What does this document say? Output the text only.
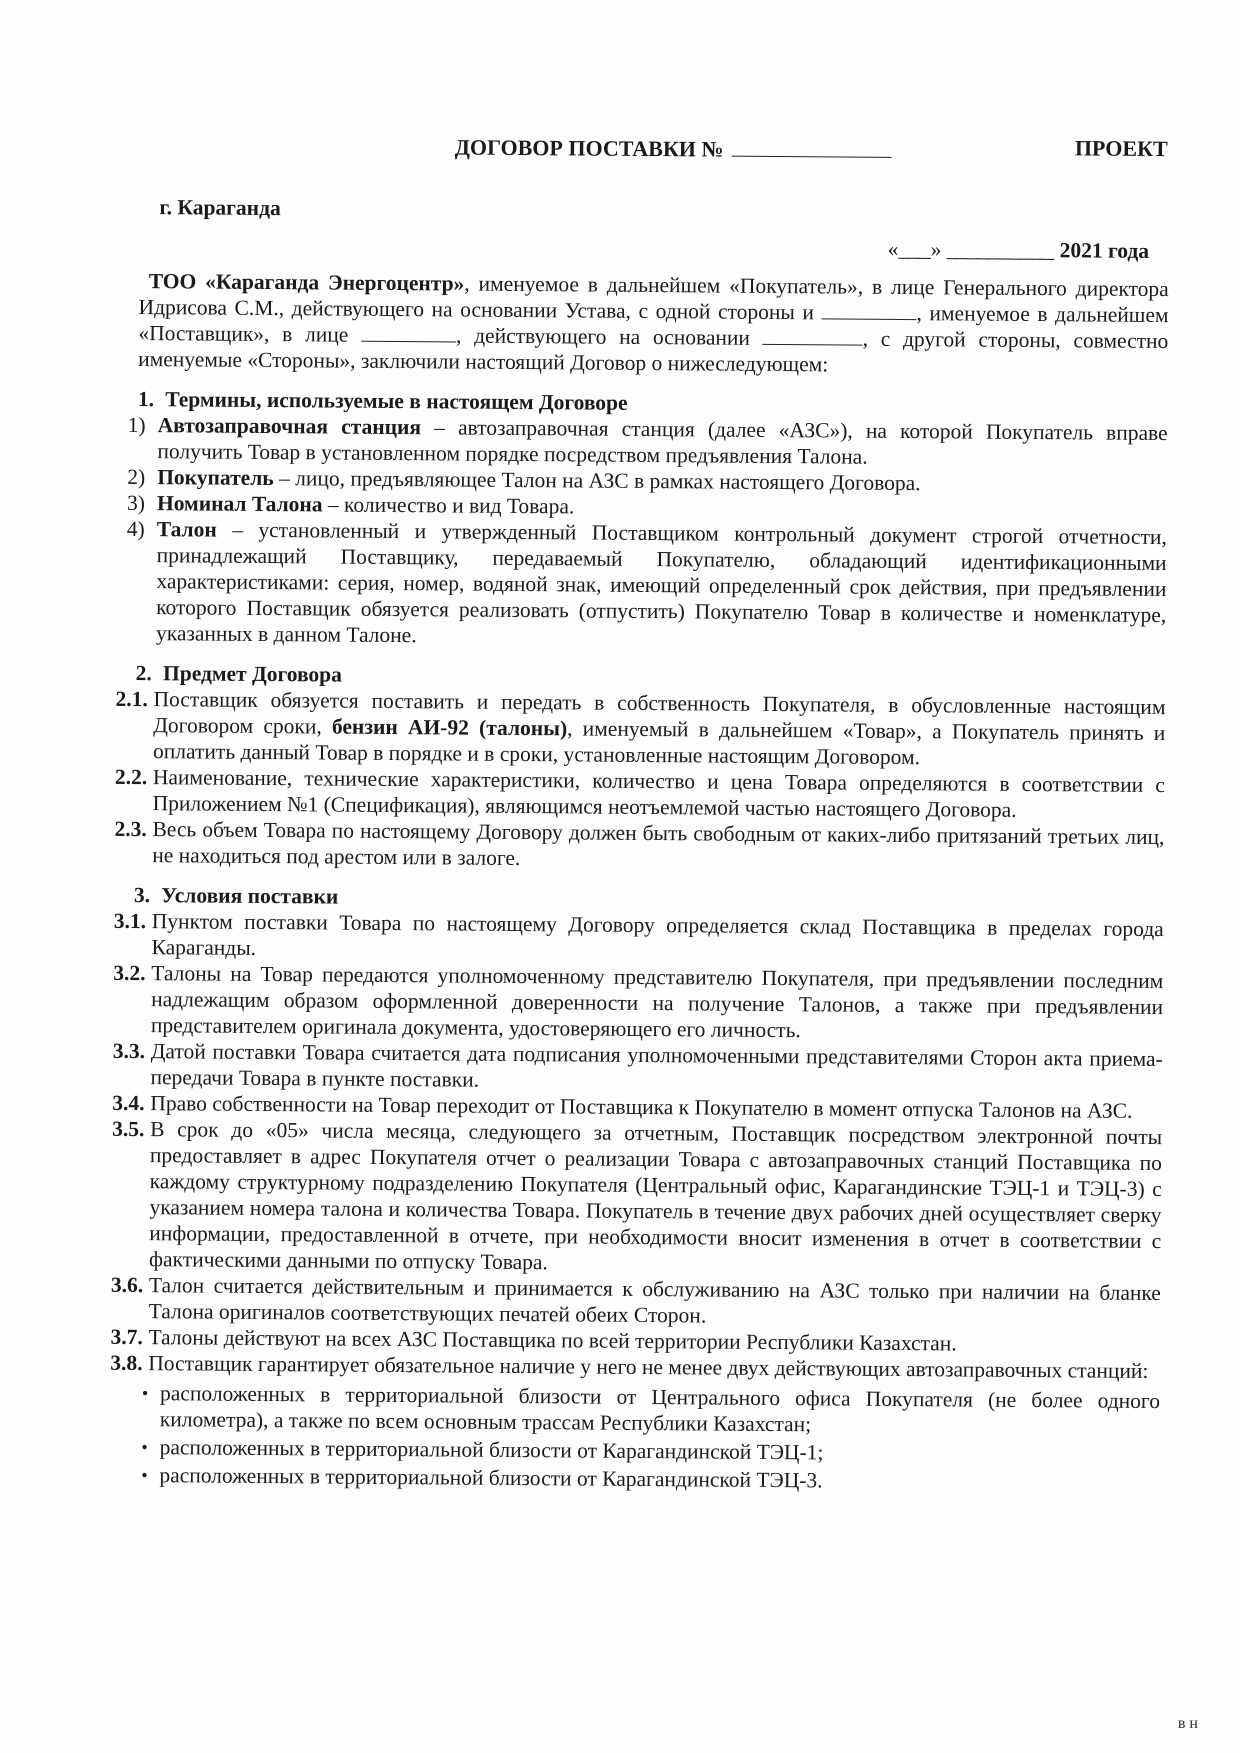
ДОГОВОР ПОСТАВКИ №	ПРОЕКТ
г. Караганда
«___» __________ 2021 года
ТОО «Караганда Энергоцентр», именуемое в дальнейшем «Покупатель», в лице Генерального директора Идрисова С.М., действующего на основании Устава, с одной стороны и	, именуемое в дальнейшем «Поставщик», в лице	, действующего на основании	, с другой стороны, совместно именуемые «Стороны», заключили настоящий Договор о нижеследующем:
1. Термины, используемые в настоящем Договоре
1) Автозаправочная станция – автозаправочная станция (далее «АЗС»), на которой Покупатель вправе получить Товар в установленном порядке посредством предъявления Талона.
2) Покупатель – лицо, предъявляющее Талон на АЗС в рамках настоящего Договора.
3) Номинал Талона – количество и вид Товара.
4) Талон – установленный и утвержденный Поставщиком контрольный документ строгой отчетности, принадлежащий Поставщику, передаваемый Покупателю, обладающий идентификационными характеристиками: серия, номер, водяной знак, имеющий определенный срок действия, при предъявлении которого Поставщик обязуется реализовать (отпустить) Покупателю Товар в количестве и номенклатуре, указанных в данном Талоне.
2. Предмет Договора
2.1. Поставщик обязуется поставить и передать в собственность Покупателя, в обусловленные настоящим Договором сроки, бензин АИ-92 (талоны), именуемый в дальнейшем «Товар», а Покупатель принять и оплатить данный Товар в порядке и в сроки, установленные настоящим Договором.
2.2. Наименование, технические характеристики, количество и цена Товара определяются в соответствии с Приложением №1 (Спецификация), являющимся неотъемлемой частью настоящего Договора.
2.3. Весь объем Товара по настоящему Договору должен быть свободным от каких-либо притязаний третьих лиц, не находиться под арестом или в залоге.
3. Условия поставки
3.1. Пунктом поставки Товара по настоящему Договору определяется склад Поставщика в пределах города Караганды.
3.2. Талоны на Товар передаются уполномоченному представителю Покупателя, при предъявлении последним надлежащим образом оформленной доверенности на получение Талонов, а также при предъявлении представителем оригинала документа, удостоверяющего его личность.
3.3. Датой поставки Товара считается дата подписания уполномоченными представителями Сторон акта приема-передачи Товара в пункте поставки.
3.4. Право собственности на Товар переходит от Поставщика к Покупателю в момент отпуска Талонов на АЗС.
3.5. В срок до «05» числа месяца, следующего за отчетным, Поставщик посредством электронной почты предоставляет в адрес Покупателя отчет о реализации Товара с автозаправочных станций Поставщика по каждому структурному подразделению Покупателя (Центральный офис, Карагандинские ТЭЦ-1 и ТЭЦ-3) с указанием номера талона и количества Товара. Покупатель в течение двух рабочих дней осуществляет сверку информации, предоставленной в отчете, при необходимости вносит изменения в отчет в соответствии с фактическими данными по отпуску Товара.
3.6. Талон считается действительным и принимается к обслуживанию на АЗС только при наличии на бланке Талона оригиналов соответствующих печатей обеих Сторон.
3.7. Талоны действуют на всех АЗС Поставщика по всей территории Республики Казахстан.
3.8. Поставщик гарантирует обязательное наличие у него не менее двух действующих автозаправочных станций:
• расположенных в территориальной близости от Центрального офиса Покупателя (не более одного километра), а также по всем основным трассам Республики Казахстан;
• расположенных в территориальной близости от Карагандинской ТЭЦ-1;
• расположенных в территориальной близости от Карагандинской ТЭЦ-3.
в н
